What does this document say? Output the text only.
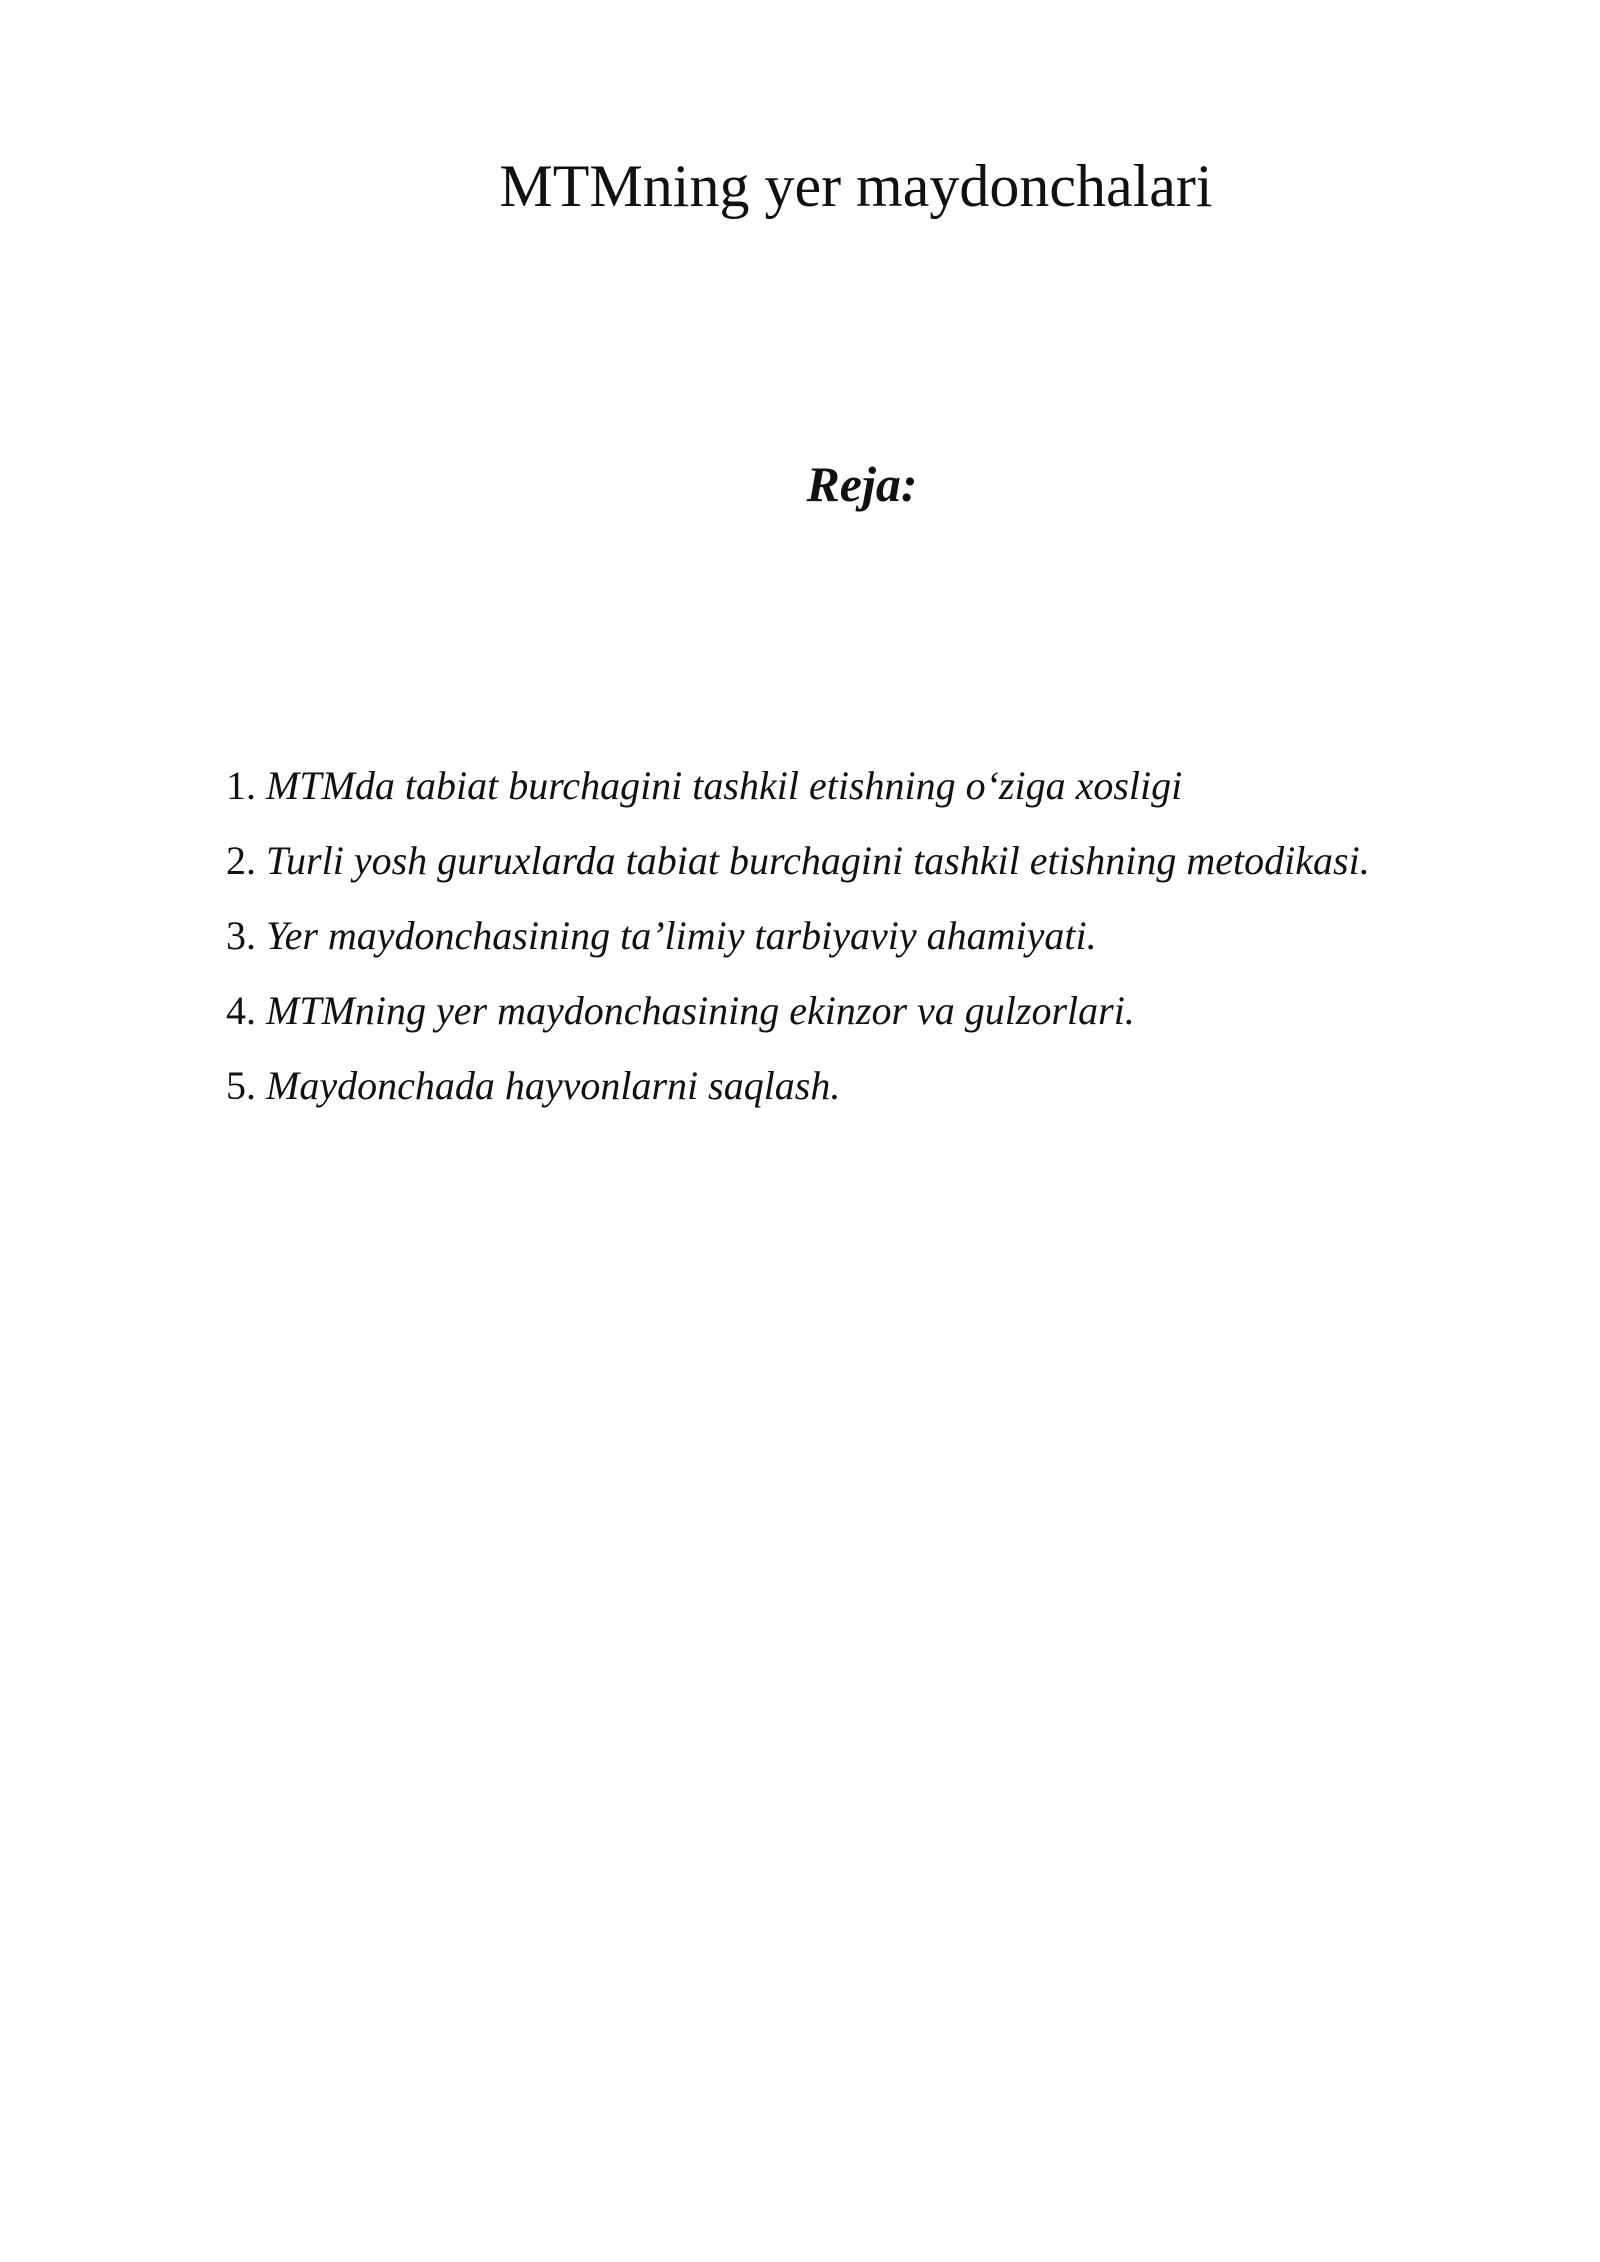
MTMning yer maydonchalari
Reja:
1. MTMda tabiat burchagini tashkil etishning o‘ziga xosligi
2. Turli yosh guruxlarda tabiat burchagini tashkil etishning metodikasi.
3. Yer maydonchasining ta’limiy tarbiyaviy ahamiyati.
4. MTMning yer maydonchasining ekinzor va gulzorlari.
5. Maydonchada hayvonlarni saqlash.
